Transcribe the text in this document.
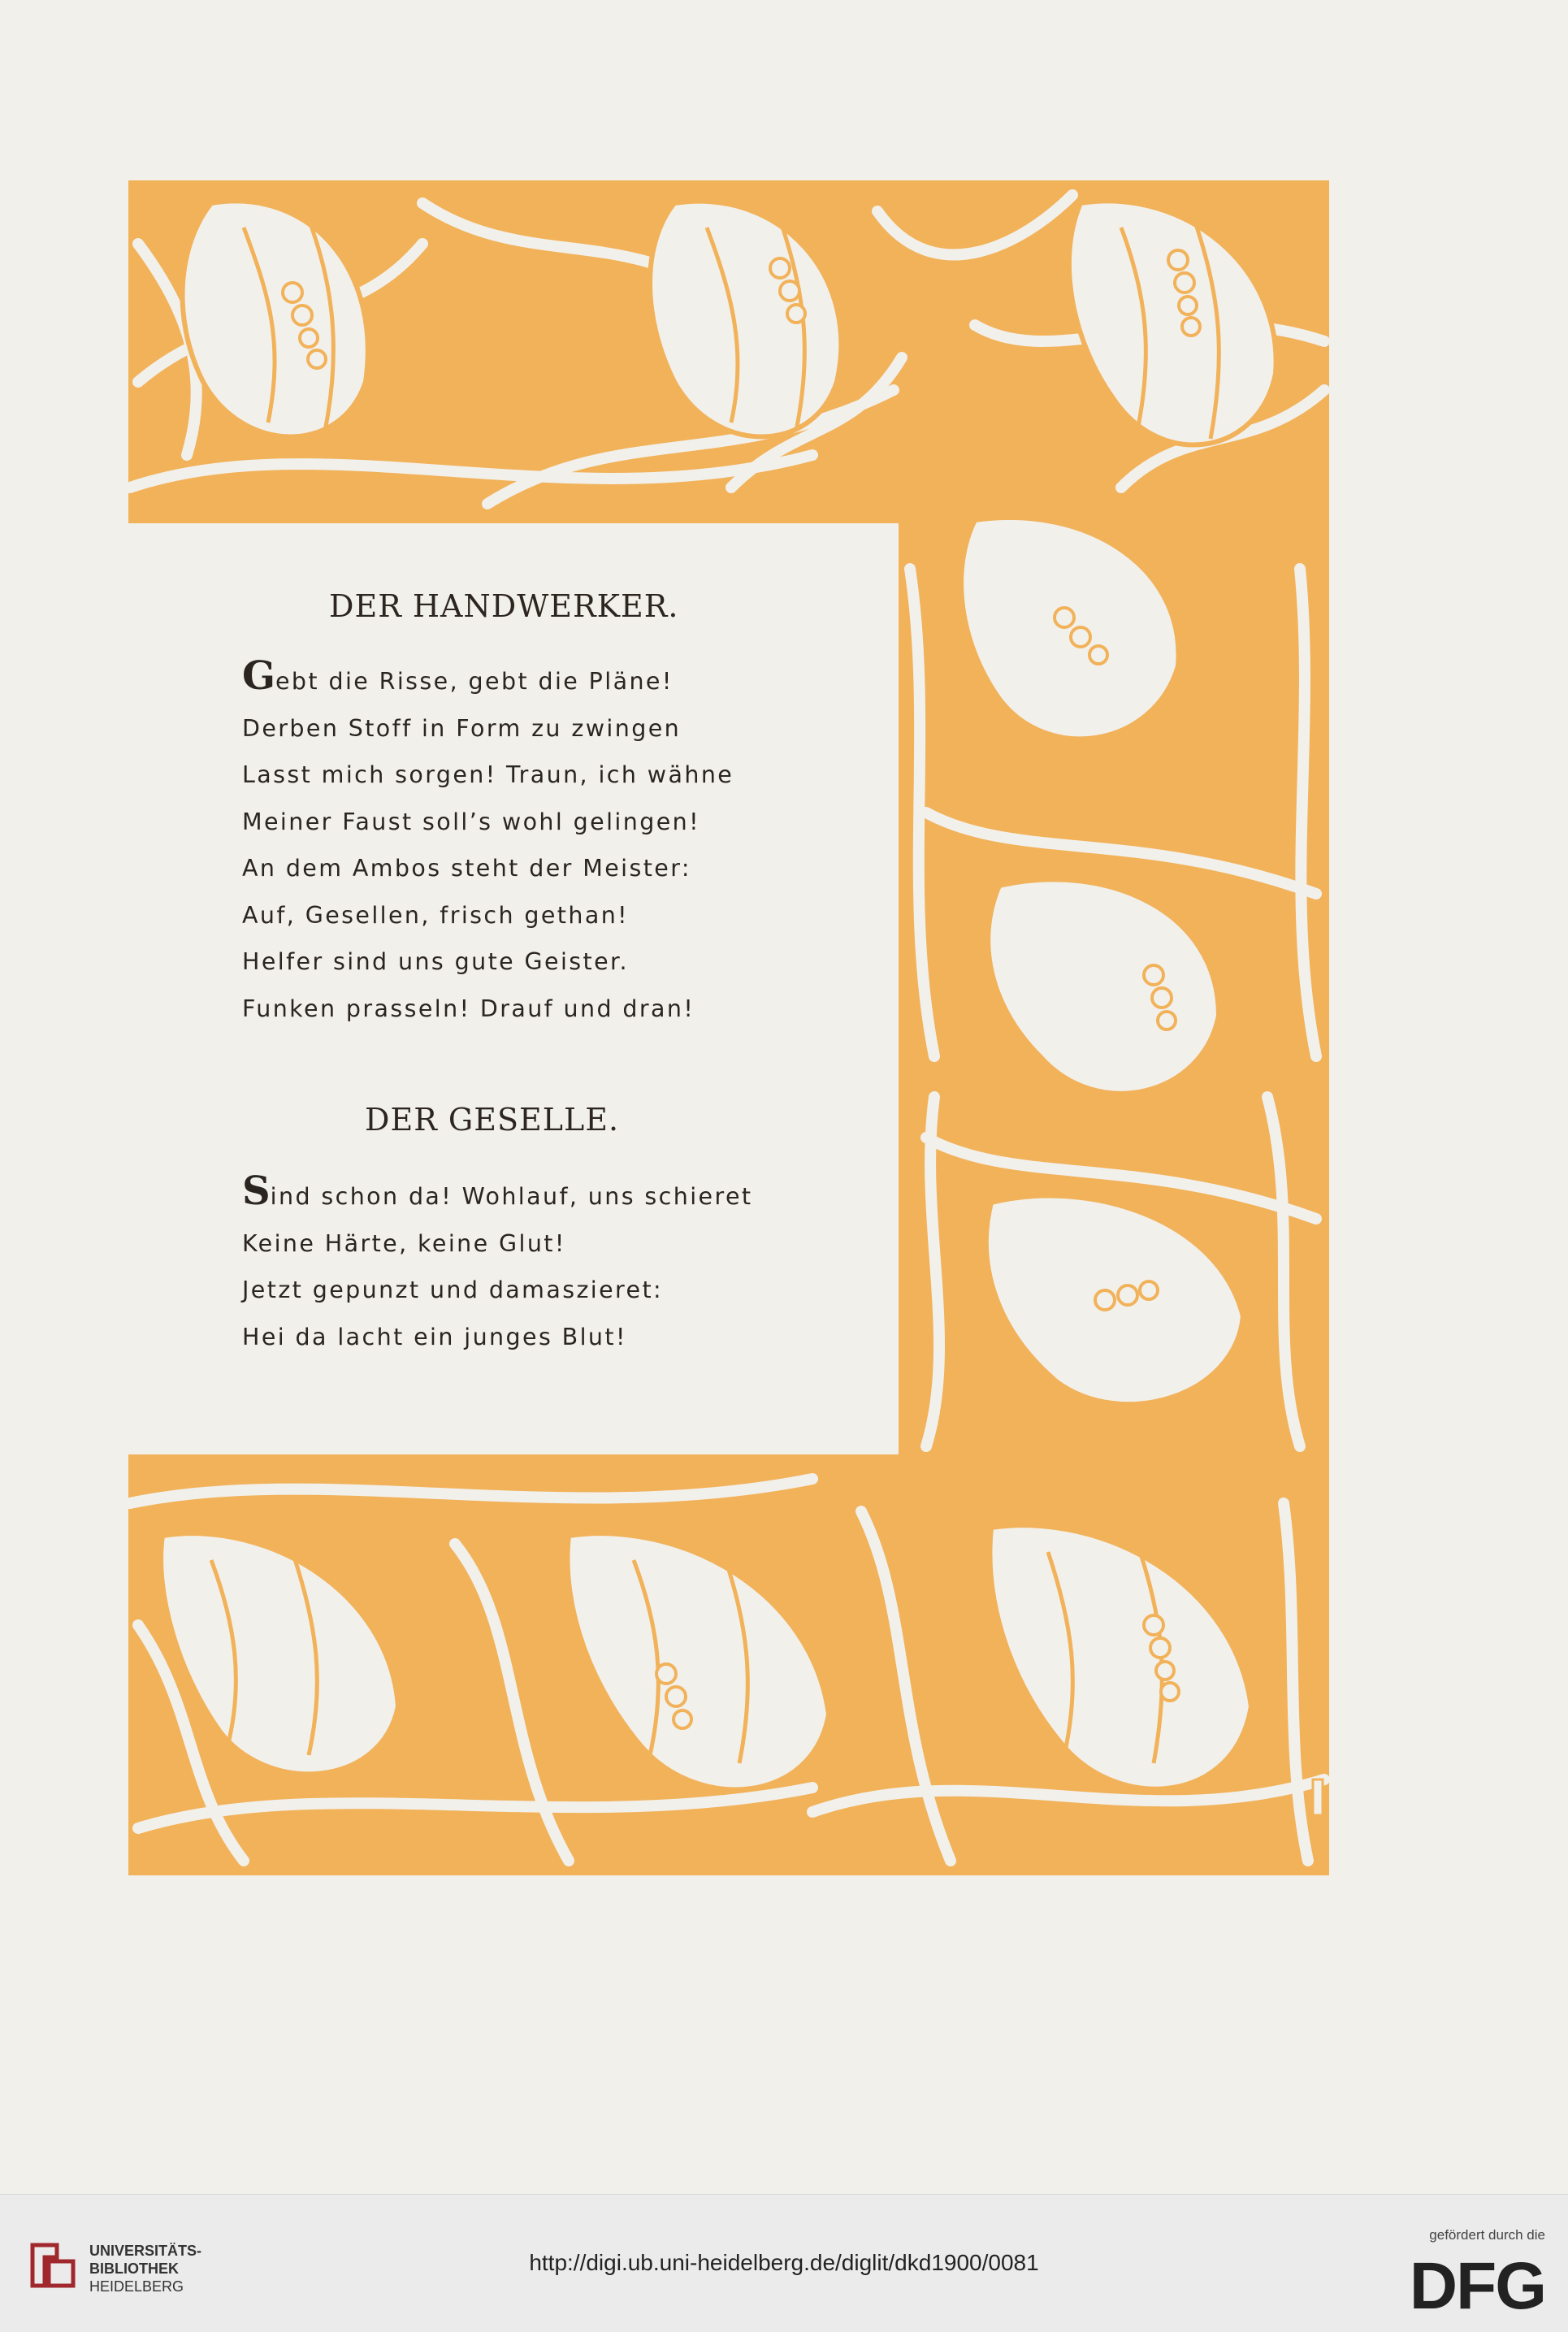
DER HANDWERKER.
Gebt die Risse, gebt die Pläne!
Derben Stoff in Form zu zwingen
Lasst mich sorgen! Traun, ich wähne
Meiner Faust soll’s wohl gelingen!
An dem Ambos steht der Meister:
Auf, Gesellen, frisch gethan!
Helfer sind uns gute Geister.
Funken prasseln! Drauf und dran!
DER GESELLE.
Sind schon da! Wohlauf, uns schieret
Keine Härte, keine Glut!
Jetzt gepunzt und damaszieret:
Hei da lacht ein junges Blut!
UNIVERSITÄTS-
BIBLIOTHEK
HEIDELBERG
http://digi.ub.uni-heidelberg.de/diglit/dkd1900/0081
gefördert durch die
DFG
